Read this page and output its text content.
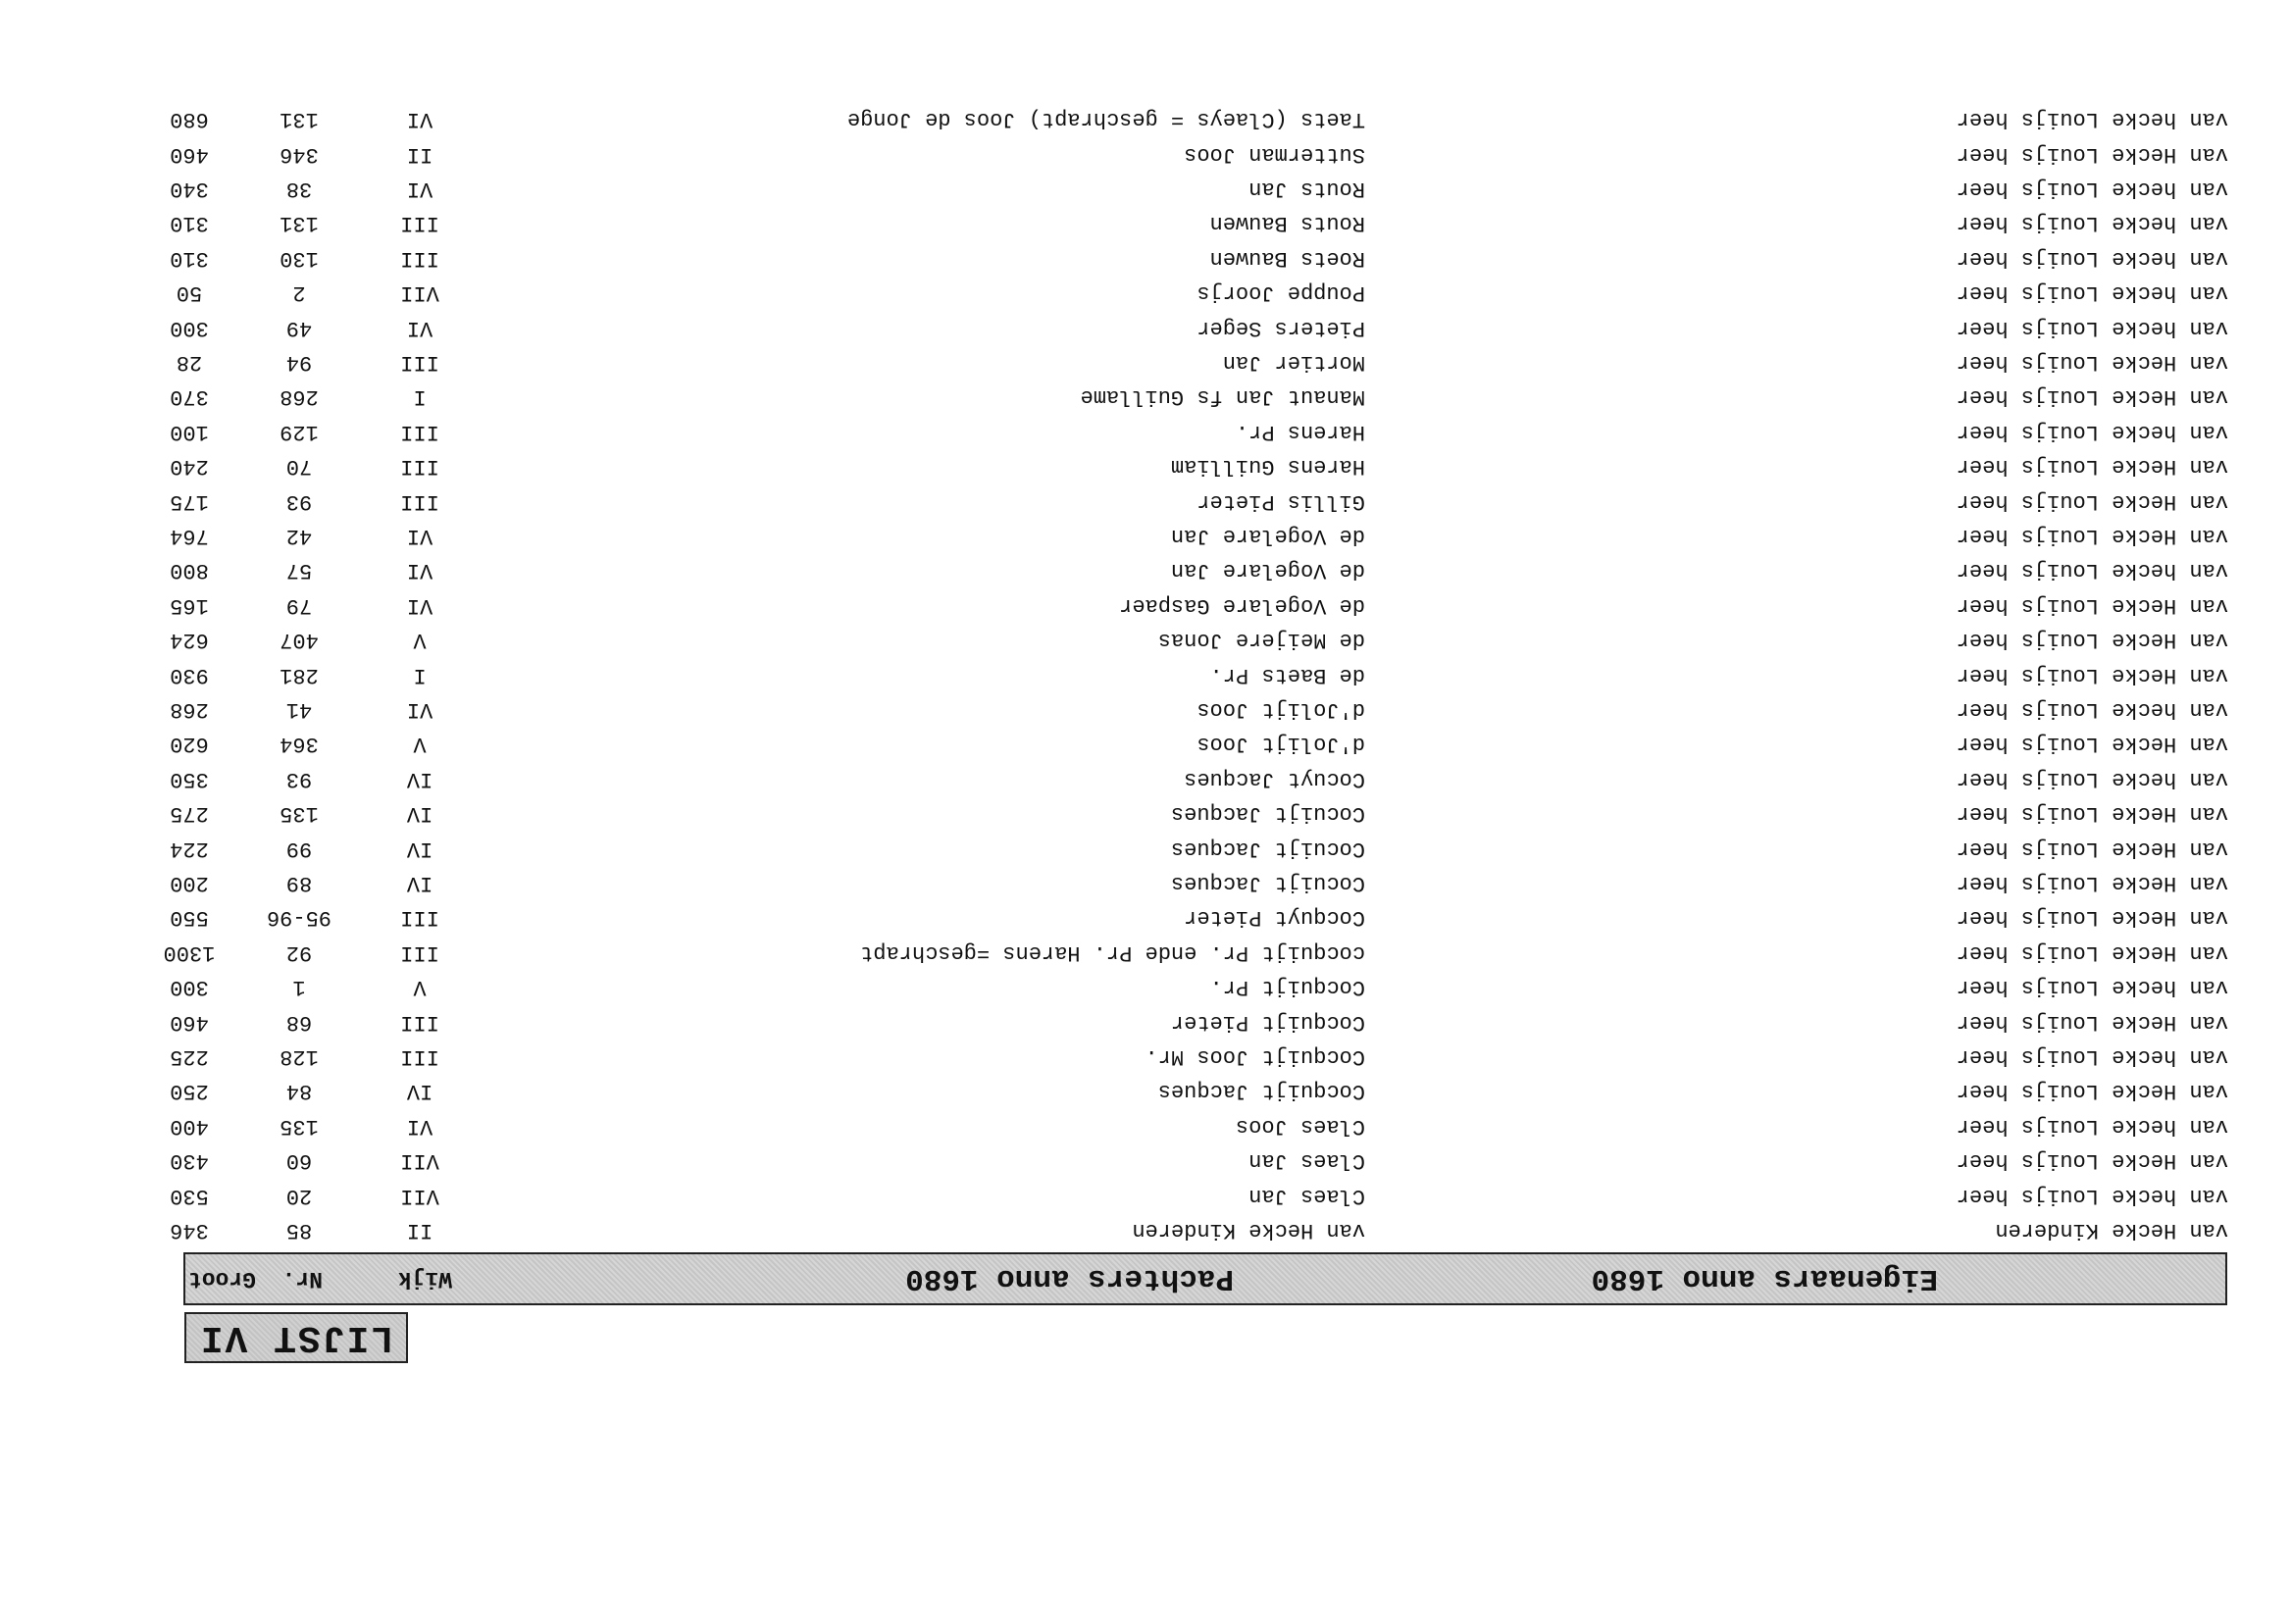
LIJST VI
Eigenaars anno 1680
Pachters anno 1680
Wijk
Nr.
Groot
van Hecke Kinderen
van Hecke Kinderen
II
85
346
van hecke Louijs heer
Claes Jan
VII
20
530
van Hecke Louijs heer
Claes Jan
VII
60
430
van hecke Louijs heer
Claes Joos
VI
135
400
van Hecke Louijs heer
Cocquijt Jacques
IV
84
250
van hecke Louijs heer
Cocquijt Joos Mr.
III
128
225
van Hecke Louijs heer
Cocquijt Pieter
III
68
460
van hecke Louijs heer
Cocquijt Pr.
V
1
300
van Hecke Louijs heer
cocquijt Pr. ende Pr. Harens =geschrapt
III
92
1300
van Hecke Louijs heer
Cocquyt Pieter
III
95-96
550
van Hecke Louijs heer
Cocuijt Jacques
IV
89
200
van Hecke Louijs heer
Cocuijt Jacques
IV
99
224
van Hecke Louijs heer
Cocuijt Jacques
IV
135
275
van hecke Louijs heer
Cocuyt Jacques
IV
93
350
van Hecke Louijs heer
d'Jolijt Joos
V
364
620
van hecke Louijs heer
d'Jolijt Joos
VI
41
268
van Hecke Louijs heer
de Baets Pr.
I
281
930
van Hecke Louijs heer
de Meijere Jonas
V
407
624
van Hecke Louijs heer
de Vogelare Gaspaer
VI
79
165
van hecke Louijs heer
de Vogelare Jan
VI
57
800
van Hecke Louijs heer
de Vogelare Jan
VI
42
764
van Hecke Louijs heer
Gillis Pieter
III
93
175
van Hecke Louijs heer
Harens Guilliam
III
70
240
van hecke Louijs heer
Harens Pr.
III
129
100
van Hecke Louijs heer
Manaut Jan fs Guillame
I
268
370
van Hecke Louijs heer
Mortier Jan
III
94
28
van hecke Louijs heer
Pieters Seger
VI
49
300
van hecke Louijs heer
Pouppe Joorjs
VII
2
50
van hecke Louijs heer
Roets Bauwen
III
130
310
van hecke Louijs heer
Routs Bauwen
III
131
310
van hecke Louijs heer
Routs Jan
VI
38
340
van Hecke Louijs heer
Sutterman Joos
II
346
460
van hecke Louijs heer
Taets (Claeys = geschrapt) Joos de Jonge
VI
131
680
